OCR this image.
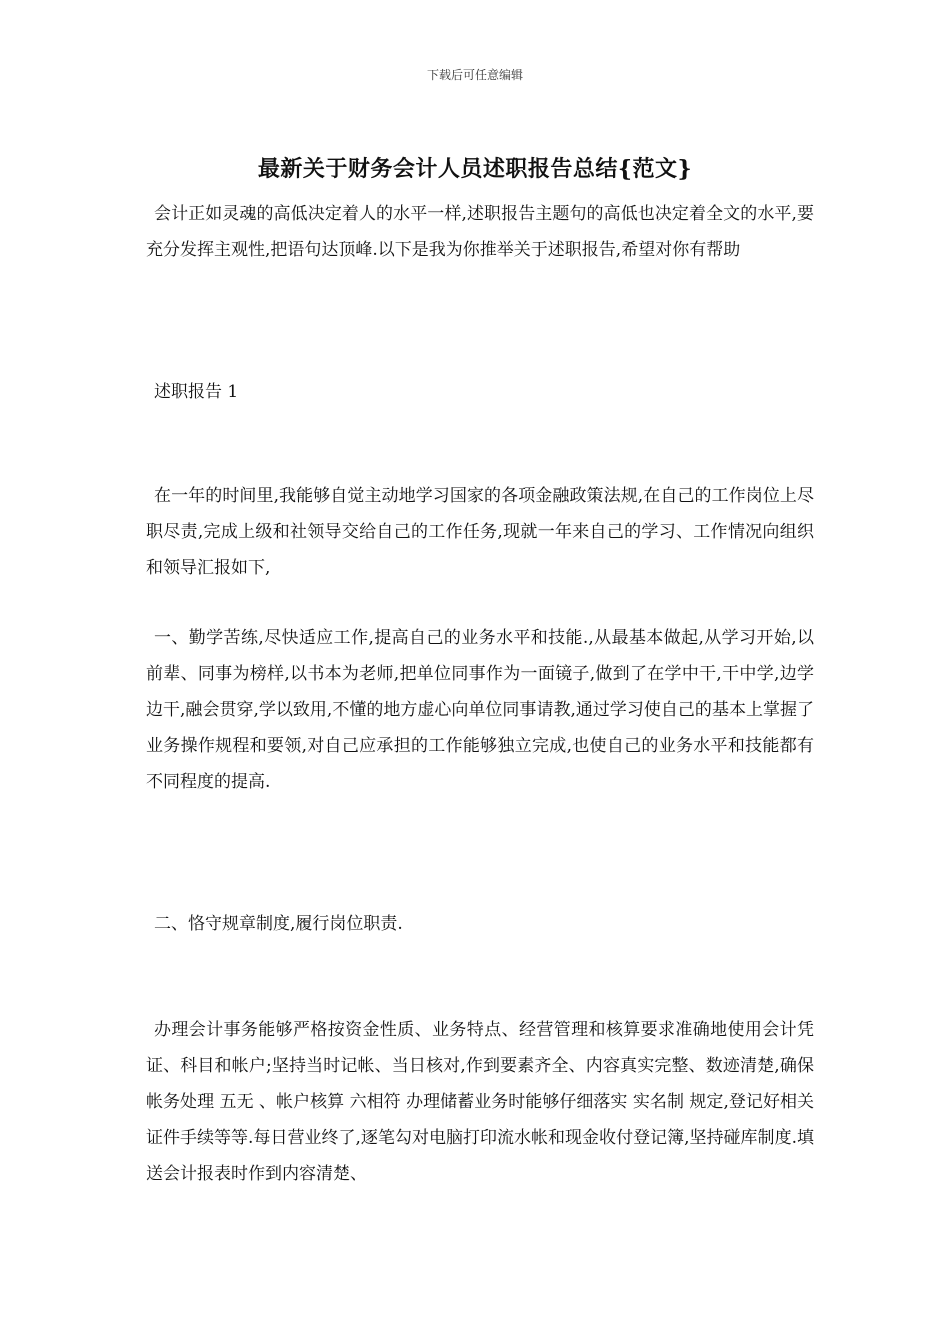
下载后可任意编辑
最新关于财务会计人员述职报告总结{范文}
会计正如灵魂的高低决定着人的水平一样,述职报告主题句的高低也决定着全文的水平,要充分发挥主观性,把语句达顶峰.以下是我为你推举关于述职报告,希望对你有帮助
述职报告 1
在一年的时间里,我能够自觉主动地学习国家的各项金融政策法规,在自己的工作岗位上尽职尽责,完成上级和社领导交给自己的工作任务,现就一年来自己的学习、工作情况向组织和领导汇报如下,
一、勤学苦练,尽快适应工作,提高自己的业务水平和技能.,从最基本做起,从学习开始,以前辈、同事为榜样,以书本为老师,把单位同事作为一面镜子,做到了在学中干,干中学,边学边干,融会贯穿,学以致用,不懂的地方虚心向单位同事请教,通过学习使自己的基本上掌握了业务操作规程和要领,对自己应承担的工作能够独立完成,也使自己的业务水平和技能都有不同程度的提高.
二、恪守规章制度,履行岗位职责.
办理会计事务能够严格按资金性质、业务特点、经营管理和核算要求准确地使用会计凭证、科目和帐户;坚持当时记帐、当日核对,作到要素齐全、内容真实完整、数迹清楚,确保帐务处理 五无 、帐户核算 六相符 办理储蓄业务时能够仔细落实 实名制 规定,登记好相关证件手续等等.每日营业终了,逐笔勾对电脑打印流水帐和现金收付登记簿,坚持碰库制度.填送会计报表时作到内容清楚、
